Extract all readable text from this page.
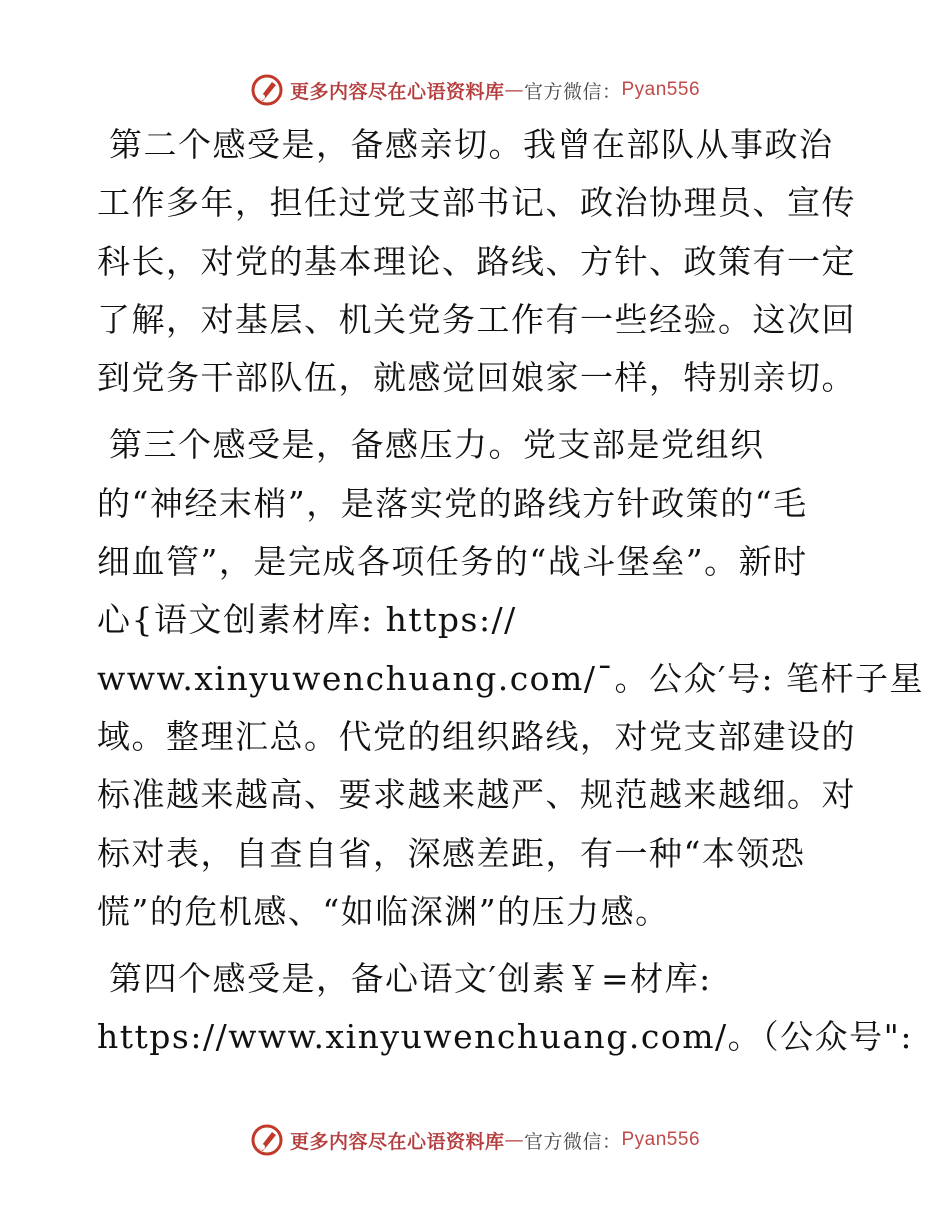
更多内容尽在心语资料库 — 官方微信： Pyan556
第二个感受是，备感亲切。我曾在部队从事政治
工作多年，担任过党支部书记、政治协理员、宣传
科长，对党的基本理论、路线、方针、政策有一定
了解，对基层、机关党务工作有一些经验。这次回
到党务干部队伍，就感觉回娘家一样，特别亲切。
第三个感受是，备感压力。党支部是党组织
的“神经末梢”，是落实党的路线方针政策的“毛
细血管”，是完成各项任务的“战斗堡垒”。新时
心{语文创素材库: https://
www.xinyuwenchuang.com/¯。公众′号: 笔杆子星
域。整理汇总。代党的组织路线，对党支部建设的
标准越来越高、要求越来越严、规范越来越细。对
标对表，自查自省，深感差距，有一种“本领恐
慌”的危机感、“如临深渊”的压力感。
第四个感受是，备心语文′创素￥=材库:
https://www.xinyuwenchuang.com/。（公众号":
更多内容尽在心语资料库 — 官方微信： Pyan556
